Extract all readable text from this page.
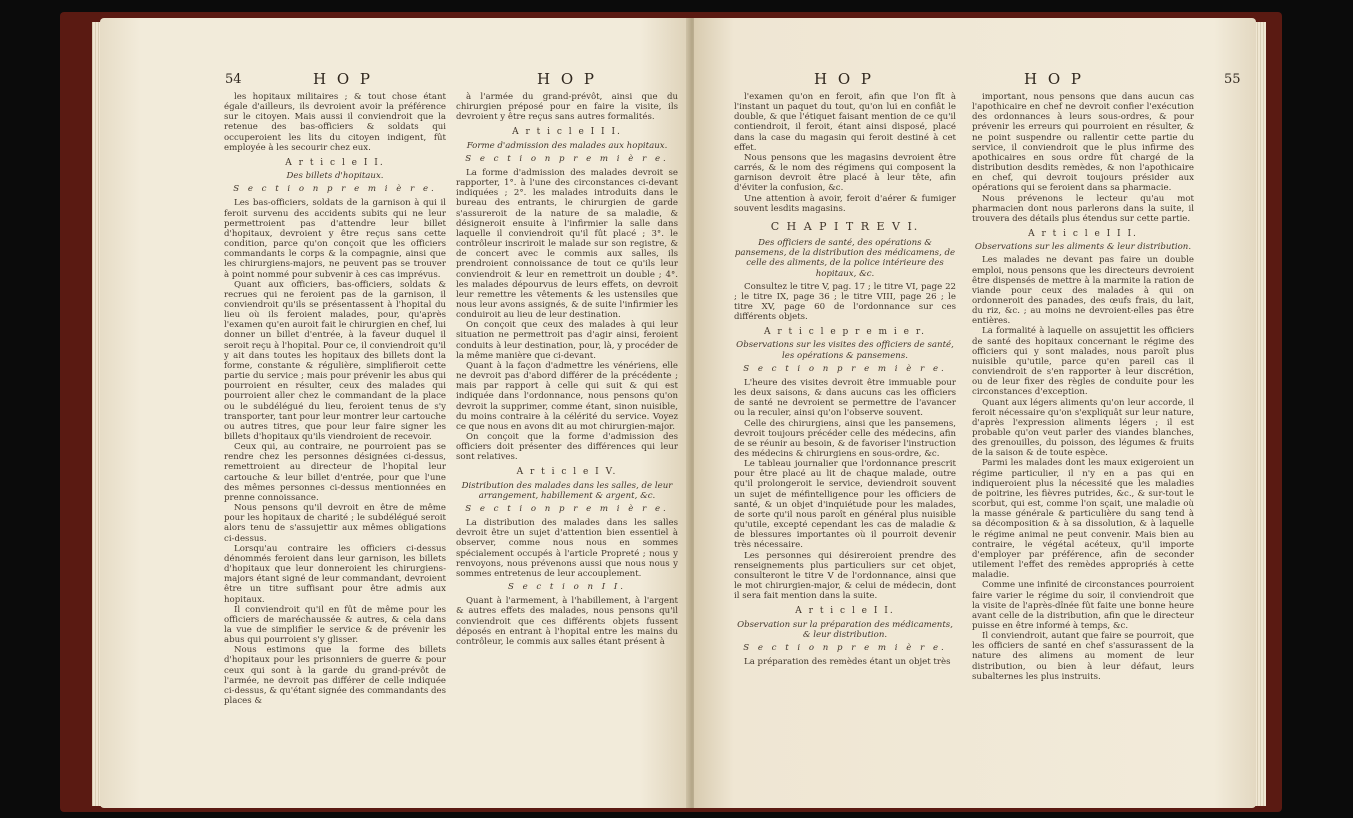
54	H O P	H O P

les hopitaux militaires ; & tout chose étant égale d'ailleurs, ils devroient avoir la préférence sur le citoyen. Mais aussi il conviendroit que la retenue des bas-officiers & soldats qui occuperoient les lits du citoyen indigent, fût employée à les secourir chez eux.

A r t i c l e I I.

Des billets d'hopitaux.

S e c t i o n p r e m i è r e.

Les bas-officiers, soldats de la garnison à qui il feroit survenu des accidents subits qui ne leur permettroient pas d'attendre leur billet d'hopitaux, devroient y être reçus sans cette condition, parce qu'on conçoit que les officiers commandants le corps & la compagnie, ainsi que les chirurgiens-majors, ne peuvent pas se trouver à point nommé pour subvenir à ces cas imprévus.

Quant aux officiers, bas-officiers, soldats & recrues qui ne feroient pas de la garnison, il conviendroit qu'ils se présentassent à l'hopital du lieu où ils feroient malades, pour, qu'après l'examen qu'en auroit fait le chirurgien en chef, lui donner un billet d'entrée, à la faveur duquel il seroit reçu à l'hopital. Pour ce, il conviendroit qu'il y ait dans toutes les hopitaux des billets dont la forme, constante & régulière, simplifieroit cette partie du service ; mais pour prévenir les abus qui pourroient en résulter, ceux des malades qui pourroient aller chez le commandant de la place ou le subdélégué du lieu, feroient tenus de s'y transporter, tant pour leur montrer leur cartouche ou autres titres, que pour leur faire signer les billets d'hopitaux qu'ils viendroient de recevoir.

Ceux qui, au contraire, ne pourroient pas se rendre chez les personnes désignées ci-dessus, remettroient au directeur de l'hopital leur cartouche & leur billet d'entrée, pour que l'une des mêmes personnes ci-dessus mentionnées en prenne connoissance.

Nous pensons qu'il devroit en être de même pour les hopitaux de charité ; le subdélégué seroit alors tenu de s'assujettir aux mêmes obligations ci-dessus.

Lorsqu'au contraire les officiers ci-dessus dénommés feroient dans leur garnison, les billets d'hopitaux que leur donneroient les chirurgiens-majors étant signé de leur commandant, devroient être un titre suffisant pour être admis aux hopitaux.

Il conviendroit qu'il en fût de même pour les officiers de maréchaussée & autres, & cela dans la vue de simplifier le service & de prévenir les abus qui pourroient s'y glisser.

Nous estimons que la forme des billets d'hopitaux pour les prisonniers de guerre & pour ceux qui sont à la garde du grand-prévôt de l'armée, ne devroit pas différer de celle indiquée ci-dessus, & qu'étant signée des commandants des places &

à l'armée du grand-prévôt, ainsi que du chirurgien préposé pour en faire la visite, ils devroient y être reçus sans autres formalités.

A r t i c l e I I I.

Forme d'admission des malades aux hopitaux.

S e c t i o n p r e m i è r e.

La forme d'admission des malades devroit se rapporter, 1°. à l'une des circonstances ci-devant indiquées ; 2°. les malades introduits dans le bureau des entrants, le chirurgien de garde s'assureroit de la nature de sa maladie, & désigneroit ensuite à l'infirmier la salle dans laquelle il conviendroit qu'il fût placé ; 3°. le contrôleur inscriroit le malade sur son registre, & de concert avec le commis aux salles, ils prendroient connoissance de tout ce qu'ils leur conviendroit & leur en remettroit un double ; 4°. les malades dépourvus de leurs effets, on devroit leur remettre les vêtements & les ustensiles que nous leur avons assignés, & de suite l'infirmier les conduiroit au lieu de leur destination.

On conçoit que ceux des malades à qui leur situation ne permettroit pas d'agir ainsi, feroient conduits à leur destination, pour, là, y procéder de la même manière que ci-devant.

Quant à la façon d'admettre les vénériens, elle ne devroit pas d'abord différer de la précédente ; mais par rapport à celle qui suit & qui est indiquée dans l'ordonnance, nous pensons qu'on devroit la supprimer, comme étant, sinon nuisible, du moins contraire à la célérité du service. Voyez ce que nous en avons dit au mot chirurgien-major.

On conçoit que la forme d'admission des officiers doit présenter des différences qui leur sont relatives.

A r t i c l e I V.

Distribution des malades dans les salles, de leur arrangement, habillement & argent, &c.

S e c t i o n p r e m i è r e.

La distribution des malades dans les salles devroit être un sujet d'attention bien essentiel à observer, comme nous nous en sommes spécialement occupés à l'article Propreté ; nous y renvoyons, nous prévenons aussi que nous nous y sommes entretenus de leur accouplement.

S e c t i o n I I.

Quant à l'armement, à l'habillement, à l'argent & autres effets des malades, nous pensons qu'il conviendroit que ces différents objets fussent déposés en entrant à l'hopital entre les mains du contrôleur, le commis aux salles étant présent à

H O P	H O P	55

l'examen qu'on en feroit, afin que l'on fît à l'instant un paquet du tout, qu'on lui en confiât le double, & que l'étiquet faisant mention de ce qu'il contiendroit, il feroit, étant ainsi disposé, placé dans la case du magasin qui feroit destiné à cet effet.

Nous pensons que les magasins devroient être carrés, & le nom des régimens qui composent la garnison devroit être placé à leur tête, afin d'éviter la confusion, &c.

Une attention à avoir, feroit d'aérer & fumiger souvent lesdits magasins.

C H A P I T R E V I.

Des officiers de santé, des opérations & pansemens, de la distribution des médicamens, de celle des aliments, de la police intérieure des hopitaux, &c.

Consultez le titre V, pag. 17 ; le titre VI, page 22 ; le titre IX, page 36 ; le titre VIII, page 26 ; le titre XV, page 60 de l'ordonnance sur ces différents objets.

A r t i c l e p r e m i e r.

Observations sur les visites des officiers de santé, les opérations & pansemens.

S e c t i o n p r e m i è r e.

L'heure des visites devroit être immuable pour les deux saisons, & dans aucuns cas les officiers de santé ne devroient se permettre de l'avancer ou la reculer, ainsi qu'on l'observe souvent.

Celle des chirurgiens, ainsi que les pansemens, devroit toujours précéder celle des médecins, afin de se réunir au besoin, & de favoriser l'instruction des médecins & chirurgiens en sous-ordre, &c.

Le tableau journalier que l'ordonnance prescrit pour être placé au lit de chaque malade, outre qu'il prolongeroit le service, deviendroit souvent un sujet de méfintelligence pour les officiers de santé, & un objet d'inquiétude pour les malades, de sorte qu'il nous paroît en général plus nuisible qu'utile, excepté cependant les cas de maladie & de blessures importantes où il pourroit devenir très nécessaire.

Les personnes qui désireroient prendre des renseignements plus particuliers sur cet objet, consulteront le titre V de l'ordonnance, ainsi que le mot chirurgien-major, & celui de médecin, dont il sera fait mention dans la suite.

A r t i c l e I I.

Observation sur la préparation des médicaments, & leur distribution.

S e c t i o n p r e m i è r e.

La préparation des remèdes étant un objet très

important, nous pensons que dans aucun cas l'apothicaire en chef ne devroit confier l'exécution des ordonnances à leurs sous-ordres, & pour prévenir les erreurs qui pourroient en résulter, & ne point suspendre ou rallentir cette partie du service, il conviendroit que le plus infirme des apothicaires en sous ordre fût chargé de la distribution desdits remèdes, & non l'apothicaire en chef, qui devroit toujours présider aux opérations qui se feroient dans sa pharmacie.

Nous prévenons le lecteur qu'au mot pharmacien dont nous parlerons dans la suite, il trouvera des détails plus étendus sur cette partie.

A r t i c l e I I I.

Observations sur les aliments & leur distribution.

Les malades ne devant pas faire un double emploi, nous pensons que les directeurs devroient être dispensés de mettre à la marmite la ration de viande pour ceux des malades à qui on ordonneroit des panades, des œufs frais, du lait, du riz, &c. ; au moins ne devroient-elles pas être entières.

La formalité à laquelle on assujettit les officiers de santé des hopitaux concernant le régime des officiers qui y sont malades, nous paroît plus nuisible qu'utile, parce qu'en pareil cas il conviendroit de s'en rapporter à leur discrétion, ou de leur fixer des règles de conduite pour les circonstances d'exception.

Quant aux légers aliments qu'on leur accorde, il feroit nécessaire qu'on s'expliquât sur leur nature, d'après l'expression aliments légers ; il est probable qu'on veut parler des viandes blanches, des grenouilles, du poisson, des légumes & fruits de la saison & de toute espèce.

Parmi les malades dont les maux exigeroient un régime particulier, il n'y en a pas qui en indiqueroient plus la nécessité que les maladies de poitrine, les fièvres putrides, &c., & sur-tout le scorbut, qui est, comme l'on sçait, une maladie où la masse générale & particulière du sang tend à sa décomposition & à sa dissolution, & à laquelle le régime animal ne peut convenir. Mais bien au contraire, le végétal acéteux, qu'il importe d'employer par préférence, afin de seconder utilement l'effet des remèdes appropriés à cette maladie.

Comme une infinité de circonstances pourroient faire varier le régime du soir, il conviendroit que la visite de l'après-dînée fût faite une bonne heure avant celle de la distribution, afin que le directeur puisse en être informé à temps, &c.

Il conviendroit, autant que faire se pourroit, que les officiers de santé en chef s'assurassent de la nature des alimens au moment de leur distribution, ou bien à leur défaut, leurs subalternes les plus instruits.
